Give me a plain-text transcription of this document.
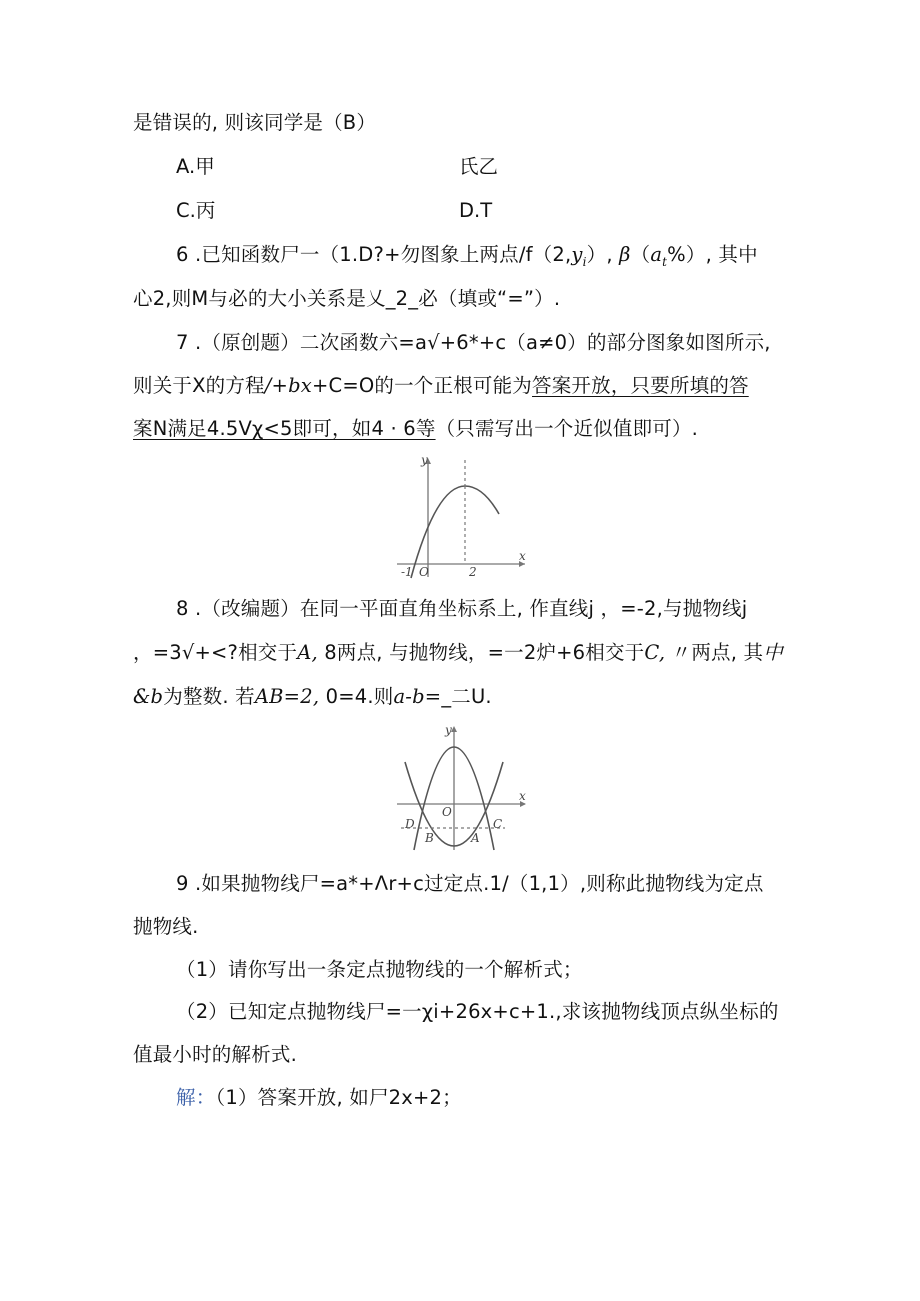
是错误的, 则该同学是（B）
A.甲	氏乙
C.丙	D.T
6 .已知函数尸一（1.D?+勿图象上两点$/f(2,y_i)$, $\beta(a_t\%)$, 其中
心2,则M与必的大小关系是乂_2_必（填或“=”）.
7 .（原创题）二次函数六=a√+6*+c（a≠0）的部分图象如图所示,
则关于X的方程/+bx+C=O的一个正根可能为答案开放，只要所填的答
案N满足4.5Vχ<5即可，如4 · 6等（只需写出一个近似值即可）.
y
x
O
-1	2
8 .（改编题）在同一平面直角坐标系上, 作直线j ，=-2,与抛物线j
，=3√+<?相交于A, 8两点, 与抛物线，=一2炉+6相交于C, 〃两点, 其中
&b为整数. 若AB=2, 0=4.则a-b=_二U.
y
x
O
D
B	A
C
9 .如果抛物线尸=a*+Λr+c过定点.1/（1,1）,则称此抛物线为定点
抛物线.
（1）请你写出一条定点抛物线的一个解析式；
（2）已知定点抛物线尸=一χi+26x+c+1.,求该抛物线顶点纵坐标的
值最小时的解析式.
解：（1）答案开放, 如尸2x+2；
